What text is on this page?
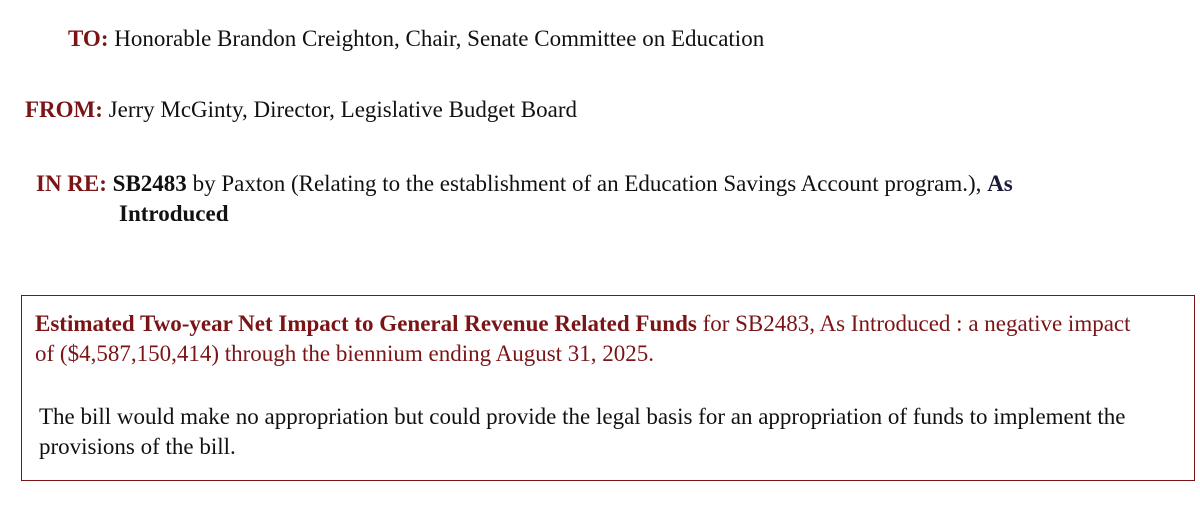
TO: Honorable Brandon Creighton, Chair, Senate Committee on Education
FROM: Jerry McGinty, Director, Legislative Budget Board
IN RE: SB2483 by Paxton (Relating to the establishment of an Education Savings Account program.), As
Introduced
Estimated Two-year Net Impact to General Revenue Related Funds for SB2483, As Introduced : a negative impact of ($4,587,150,414) through the biennium ending August 31, 2025.
The bill would make no appropriation but could provide the legal basis for an appropriation of funds to implement the provisions of the bill.
